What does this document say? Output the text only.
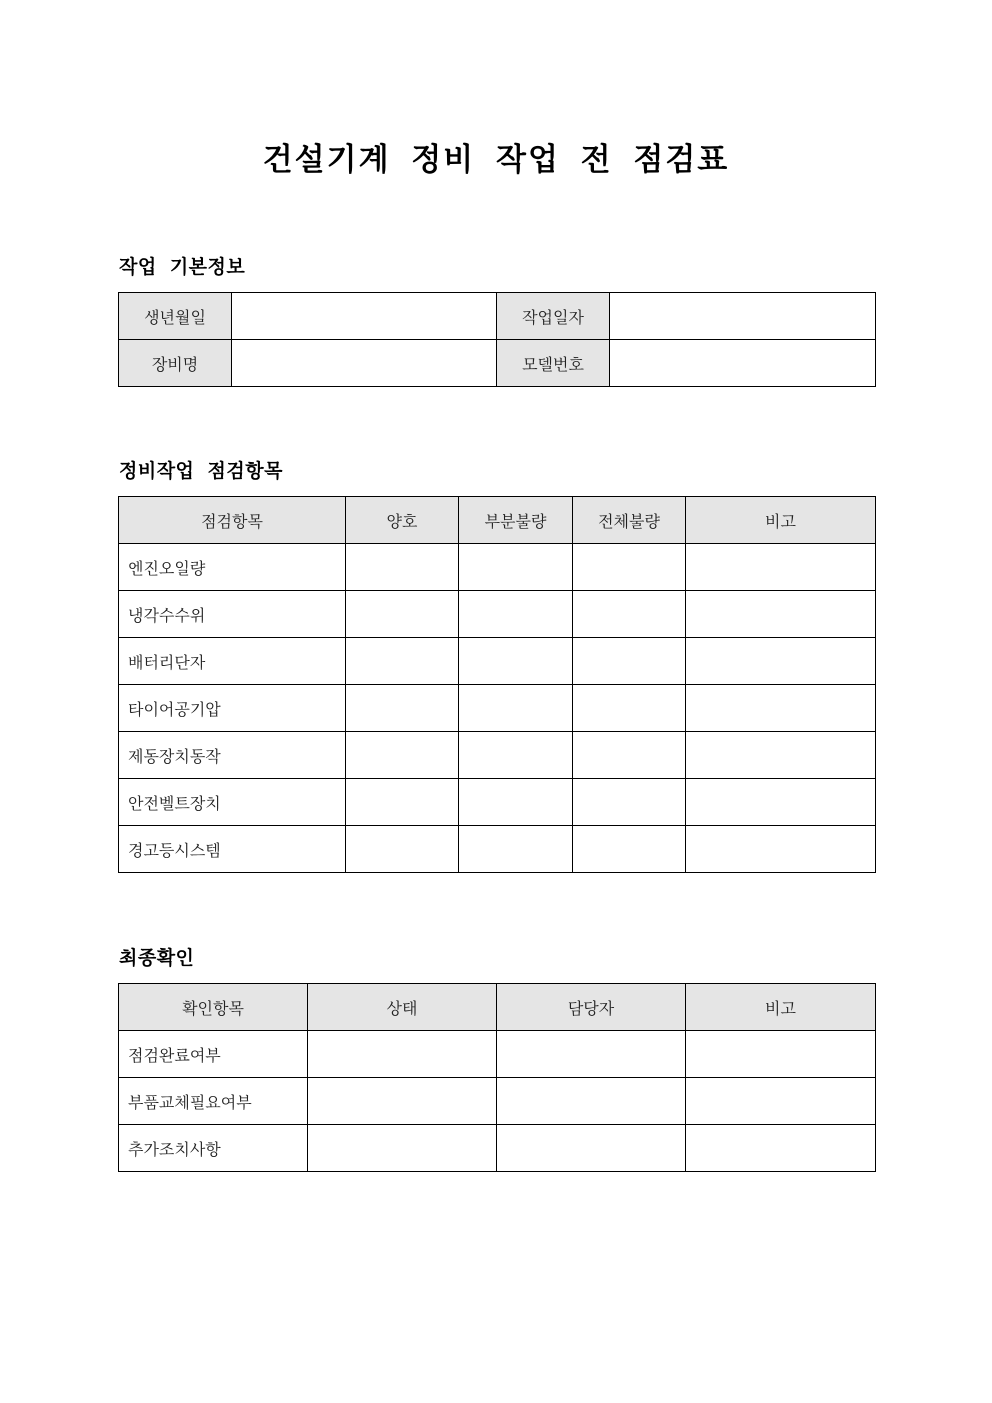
건설기계 정비 작업 전 점검표
작업 기본정보
생년월일		작업일자	
장비명		모델번호	
정비작업 점검항목
점검항목	양호	부분불량	전체불량	비고
엔진오일량				
냉각수수위				
배터리단자				
타이어공기압				
제동장치동작				
안전벨트장치				
경고등시스템				
최종확인
확인항목	상태	담당자	비고
점검완료여부			
부품교체필요여부			
추가조치사항			
